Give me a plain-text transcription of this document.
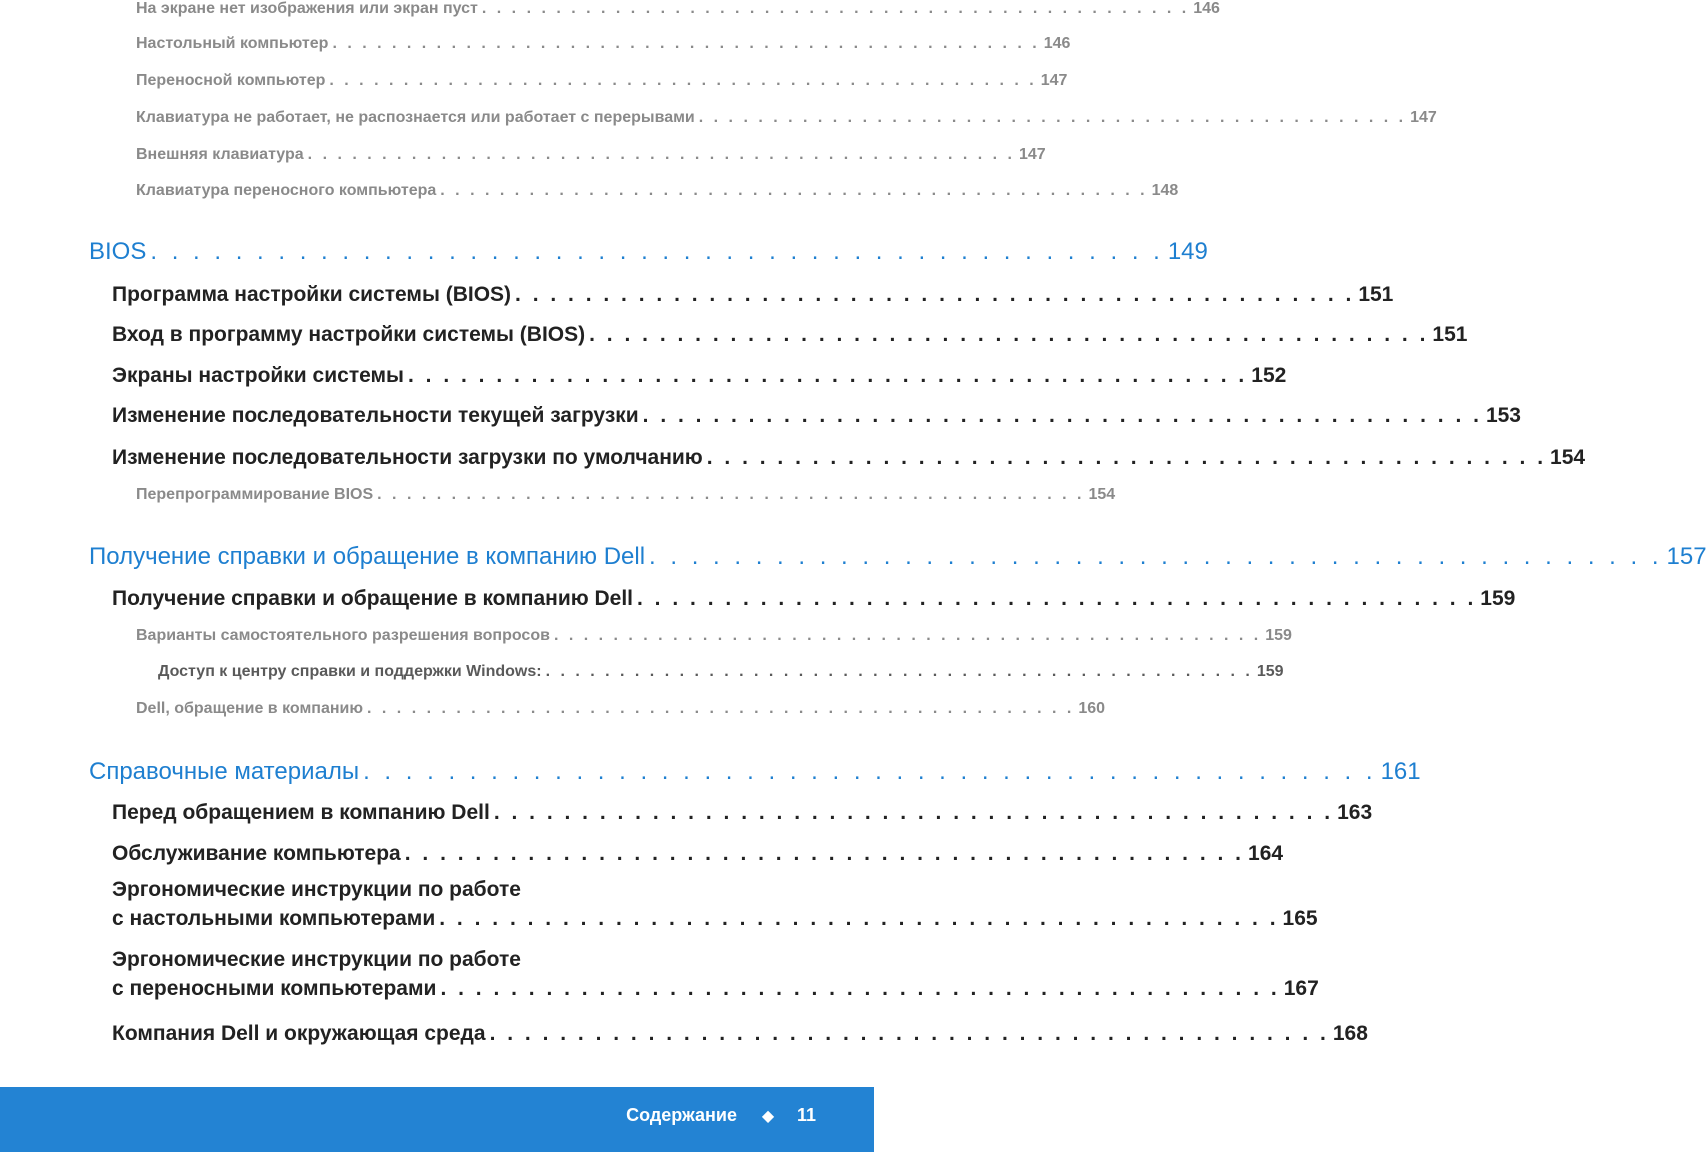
На экране нет изображения или экран пуст . . . . . . . . . . . . . . . . . . . . . . . . . . . . . . . . . . . . . . . . . . . . . . . . 146
Настольный компьютер . . . . . . . . . . . . . . . . . . . . . . . . . . . . . . . . . . . . . . . . . . . . . . . . 146
Переносной компьютер . . . . . . . . . . . . . . . . . . . . . . . . . . . . . . . . . . . . . . . . . . . . . . . . 147
Клавиатура не работает, не распознается или работает с перерывами . . . . . . . . . . . . . . . . . . . . . . . . . . . . . . . . . . . . . . . . . . . . . . . . 147
Внешняя клавиатура . . . . . . . . . . . . . . . . . . . . . . . . . . . . . . . . . . . . . . . . . . . . . . . . 147
Клавиатура переносного компьютера . . . . . . . . . . . . . . . . . . . . . . . . . . . . . . . . . . . . . . . . . . . . . . . . 148
BIOS . . . . . . . . . . . . . . . . . . . . . . . . . . . . . . . . . . . . . . . . . . . . . . . . 149
Программа настройки системы (BIOS) . . . . . . . . . . . . . . . . . . . . . . . . . . . . . . . . . . . . . . . . . . . . . . . . 151
Вход в программу настройки системы (BIOS) . . . . . . . . . . . . . . . . . . . . . . . . . . . . . . . . . . . . . . . . . . . . . . . . 151
Экраны настройки системы . . . . . . . . . . . . . . . . . . . . . . . . . . . . . . . . . . . . . . . . . . . . . . . . 152
Изменение последовательности текущей загрузки . . . . . . . . . . . . . . . . . . . . . . . . . . . . . . . . . . . . . . . . . . . . . . . . 153
Изменение последовательности загрузки по умолчанию . . . . . . . . . . . . . . . . . . . . . . . . . . . . . . . . . . . . . . . . . . . . . . . . 154
Перепрограммирование BIOS . . . . . . . . . . . . . . . . . . . . . . . . . . . . . . . . . . . . . . . . . . . . . . . . 154
Получение справки и обращение в компанию Dell . . . . . . . . . . . . . . . . . . . . . . . . . . . . . . . . . . . . . . . . . . . . . . . . 157
Получение справки и обращение в компанию Dell . . . . . . . . . . . . . . . . . . . . . . . . . . . . . . . . . . . . . . . . . . . . . . . . 159
Варианты самостоятельного разрешения вопросов . . . . . . . . . . . . . . . . . . . . . . . . . . . . . . . . . . . . . . . . . . . . . . . . 159
Доступ к центру справки и поддержки Windows: . . . . . . . . . . . . . . . . . . . . . . . . . . . . . . . . . . . . . . . . . . . . . . . . 159
Dell, обращение в компанию . . . . . . . . . . . . . . . . . . . . . . . . . . . . . . . . . . . . . . . . . . . . . . . . 160
Справочные материалы . . . . . . . . . . . . . . . . . . . . . . . . . . . . . . . . . . . . . . . . . . . . . . . . 161
Перед обращением в компанию Dell . . . . . . . . . . . . . . . . . . . . . . . . . . . . . . . . . . . . . . . . . . . . . . . . 163
Обслуживание компьютера . . . . . . . . . . . . . . . . . . . . . . . . . . . . . . . . . . . . . . . . . . . . . . . . 164
Эргономические инструкции по работе
с настольными компьютерами . . . . . . . . . . . . . . . . . . . . . . . . . . . . . . . . . . . . . . . . . . . . . . . . 165
Эргономические инструкции по работе
с переносными компьютерами . . . . . . . . . . . . . . . . . . . . . . . . . . . . . . . . . . . . . . . . . . . . . . . . 167
Компания Dell и окружающая среда . . . . . . . . . . . . . . . . . . . . . . . . . . . . . . . . . . . . . . . . . . . . . . . . 168
Содержание ◆ 11
